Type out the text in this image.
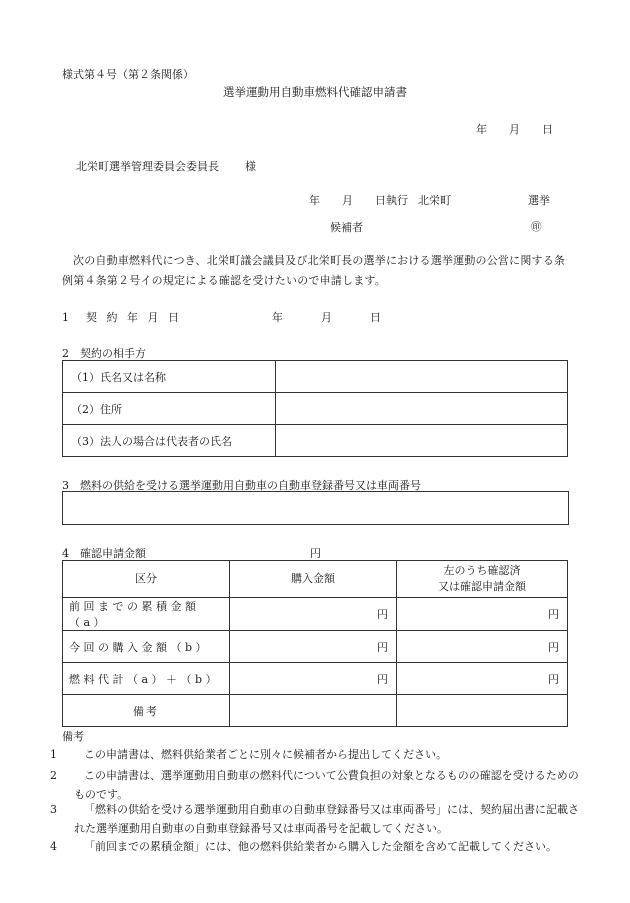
様式第４号（第２条関係）
選挙運動用自動車燃料代確認申請書
年 月 日
北栄町選挙管理委員会委員長 様
年 月 日執行 北栄町	選挙
候補者	㊞
次の自動車燃料代につき、北栄町議会議員及び北栄町長の選挙における選挙運動の公営に関する条例第４条第２号イの規定による確認を受けたいので申請します。
1　契 約 年 月 日	年	月	日
2　契約の相手方
（1）氏名又は名称	
（2）住所	
（3）法人の場合は代表者の氏名	
3　燃料の供給を受ける選挙運動用自動車の自動車登録番号又は車両番号
4　確認申請金額	円
区分	購入金額	左のうち確認済
又は確認申請金額

前回までの累積金額（a）	円	円
今回の購入金額（b）	円	円
燃料代計（a）＋（b）	円	円
備考		
備考
1 この申請書は、燃料供給業者ごとに別々に候補者から提出してください。
2 この申請書は、選挙運動用自動車の燃料代について公費負担の対象となるものの確認を受けるためのものです。
3 「燃料の供給を受ける選挙運動用自動車の自動車登録番号又は車両番号」には、契約届出書に記載された選挙運動用自動車の自動車登録番号又は車両番号を記載してください。
4 「前回までの累積金額」には、他の燃料供給業者から購入した金額を含めて記載してください。
